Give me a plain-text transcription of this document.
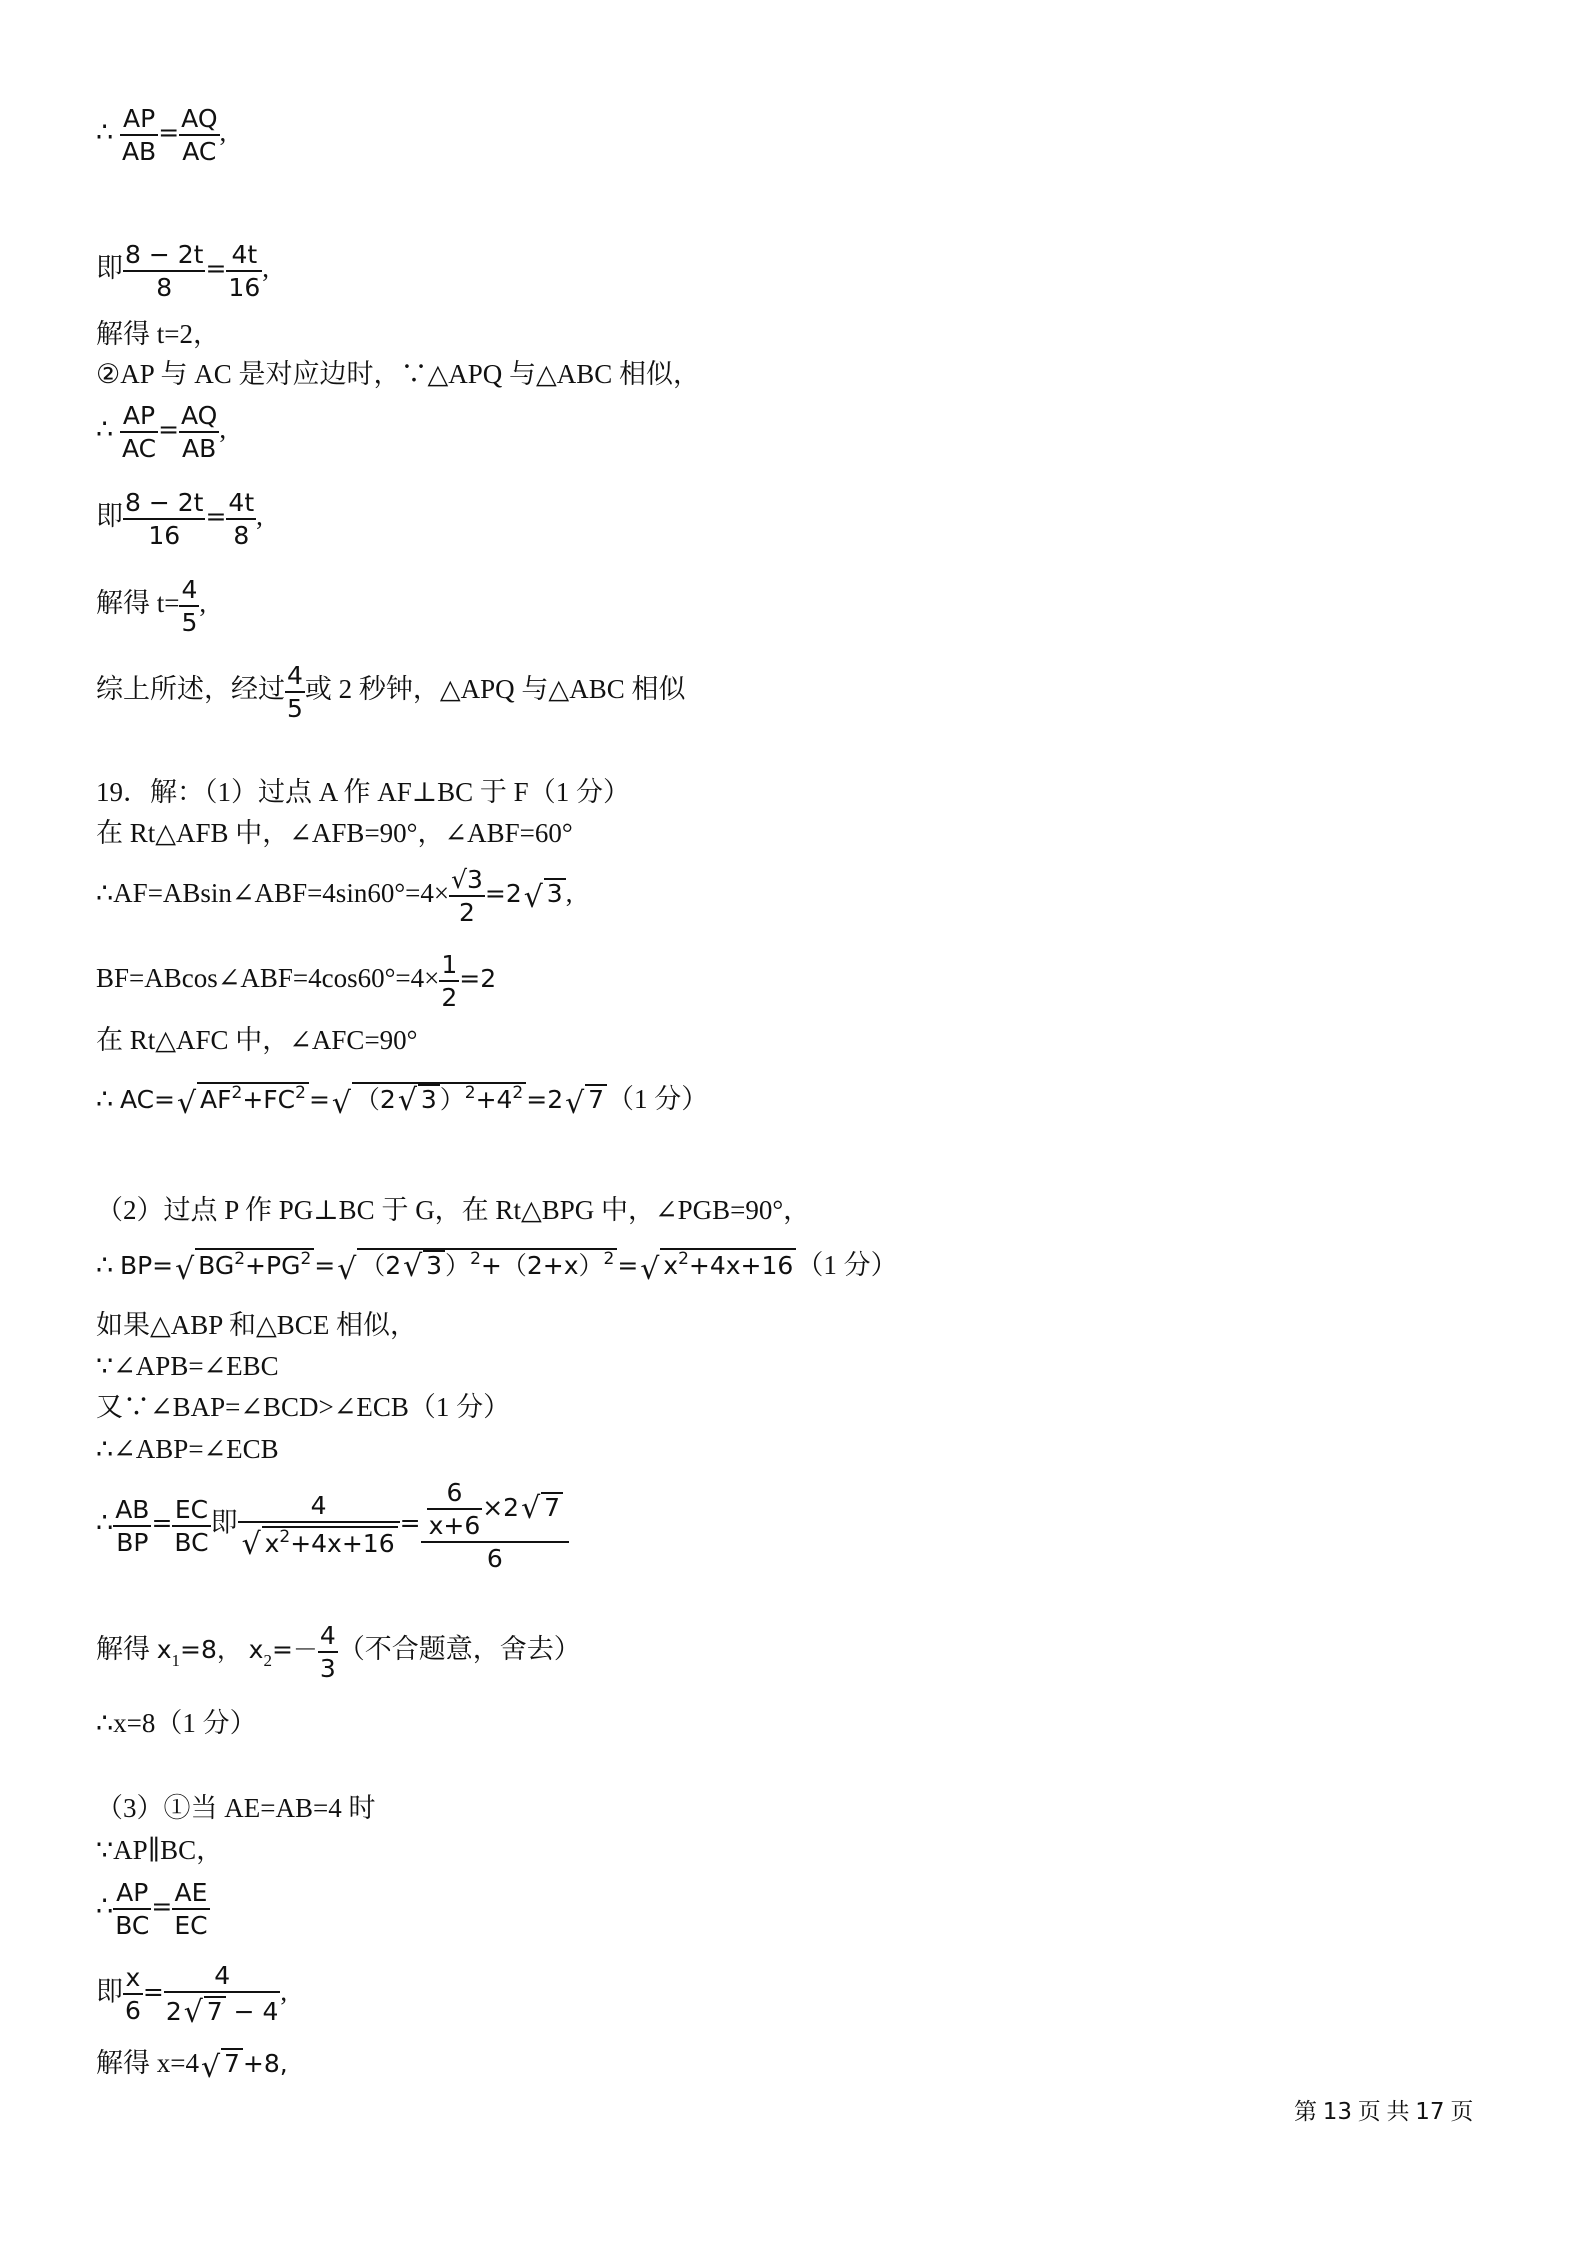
∴ $\frac{AP}{AB} = \frac{AQ}{AC}$ ,
即 $\frac{8 - 2t}{8} = \frac{4t}{16}$ ,
解得 t=2，
②AP 与 AC 是对应边时，∵△APQ 与△ABC 相似，
∴ $\frac{AP}{AC} = \frac{AQ}{AB}$ ,
即 $\frac{8 - 2t}{16} = \frac{4t}{8}$ ,
解得 $t= \frac{4}{5}$ ,
综上所述，经过 $\frac{4}{5}$ 或 2 秒钟，△APQ 与△ABC 相似
19．解：（1）过点 A 作 AF⊥BC 于 F（1 分）
在 Rt△AFB 中，∠AFB=90°，∠ABF=60°
∴AF=ABsin∠ABF=4sin60°=4× $\frac{√3}{2} =2√$ 3 ,
BF=ABcos∠ABF=4cos60°=4× $\frac{1}{2} =2$
在 Rt△AFC 中，∠AFC=90°
∴ AC=√ $AF^2+FC^2$ =√ （2√ 3 ）$^2+4^2 =2√$ 7 （1 分）
（2）过点 P 作 PG⊥BC 于 G，在 Rt△BPG 中，∠PGB=90°，
∴ BP=√ $BG^2+PG^2$ =√ （2√ 3 ）$^2+(2+x)^2$ =√ $x^2+4x+16$ （1 分）
如果△ABP 和△BCE 相似，
∵∠APB=∠EBC
又∵∠BAP=∠BCD>∠ECB（1 分）
∴∠ABP=∠ECB
∴ $\frac{AB}{BP} = \frac{EC}{BC}$ 即 4
√ $x^2+4x+16 = \frac{\frac{6}{x+6} \times 2√ 7}{6}$
解得 $x_1=8$， $x_2=- \frac{4}{3}$ （不合题意，舍去）
∴x=8（1 分）
（3）①当 AE=AB=4 时
∵AP∥BC，
∴ $\frac{AP}{BC} = \frac{AE}{EC}$
即 $\frac{x}{6} = \frac{4}{2√ 7 - 4}$ ,
解得 x=4√ 7 +8,
第 13 页 共 17 页
